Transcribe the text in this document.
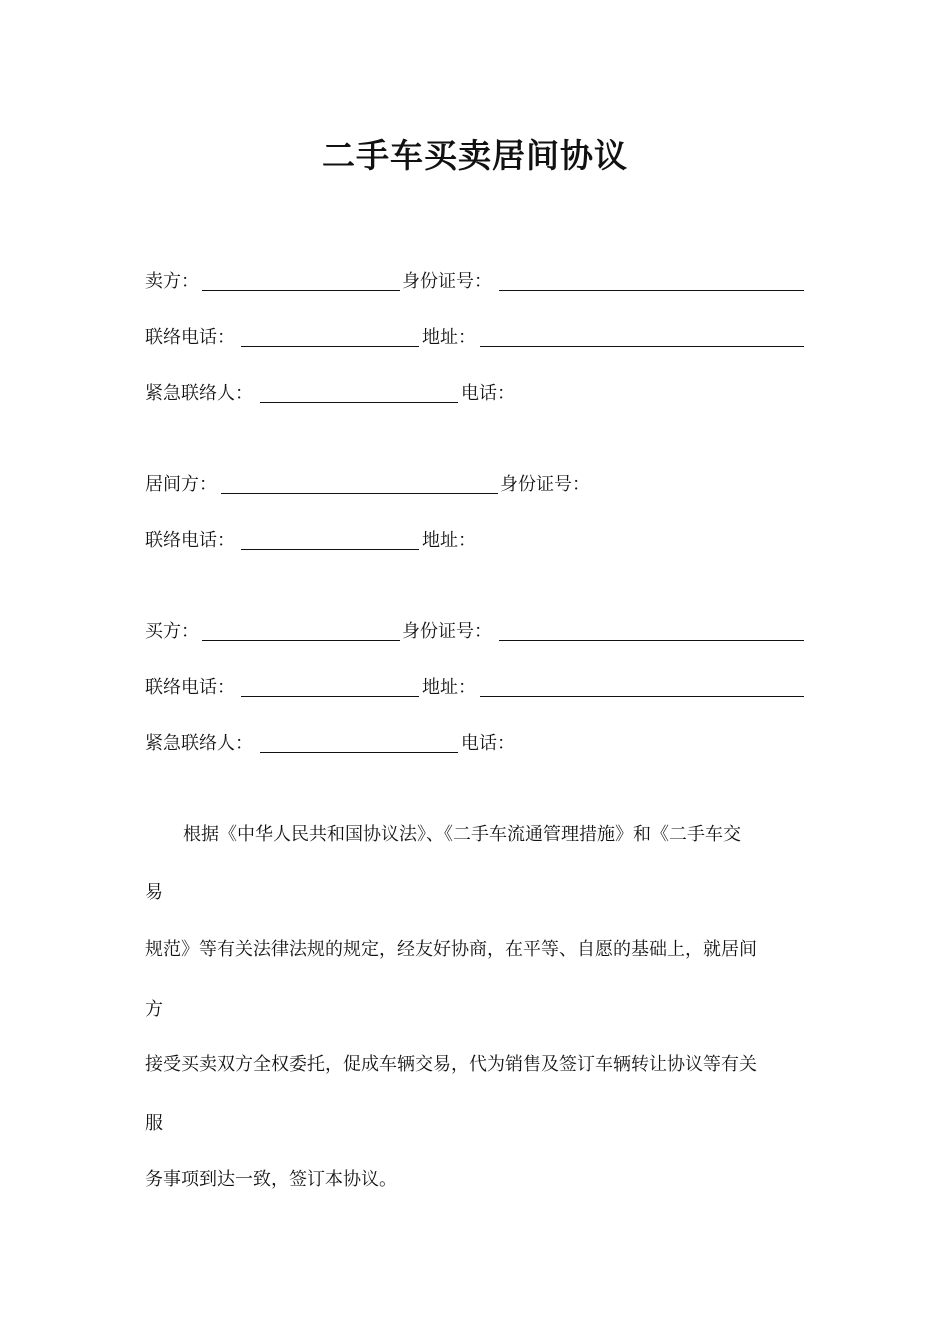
二手车买卖居间协议
卖方：	身份证号：
联络电话：	地址：
紧急联络人：	电话：
居间方：	身份证号：
联络电话：	地址：
买方：	身份证号：
联络电话：	地址：
紧急联络人：	电话：
根据《中华人民共和国协议法》、《二手车流通管理措施》和《二手车交
易
规范》等有关法律法规的规定，经友好协商，在平等、自愿的基础上，就居间
方
接受买卖双方全权委托，促成车辆交易，代为销售及签订车辆转让协议等有关
服
务事项到达一致，签订本协议。
